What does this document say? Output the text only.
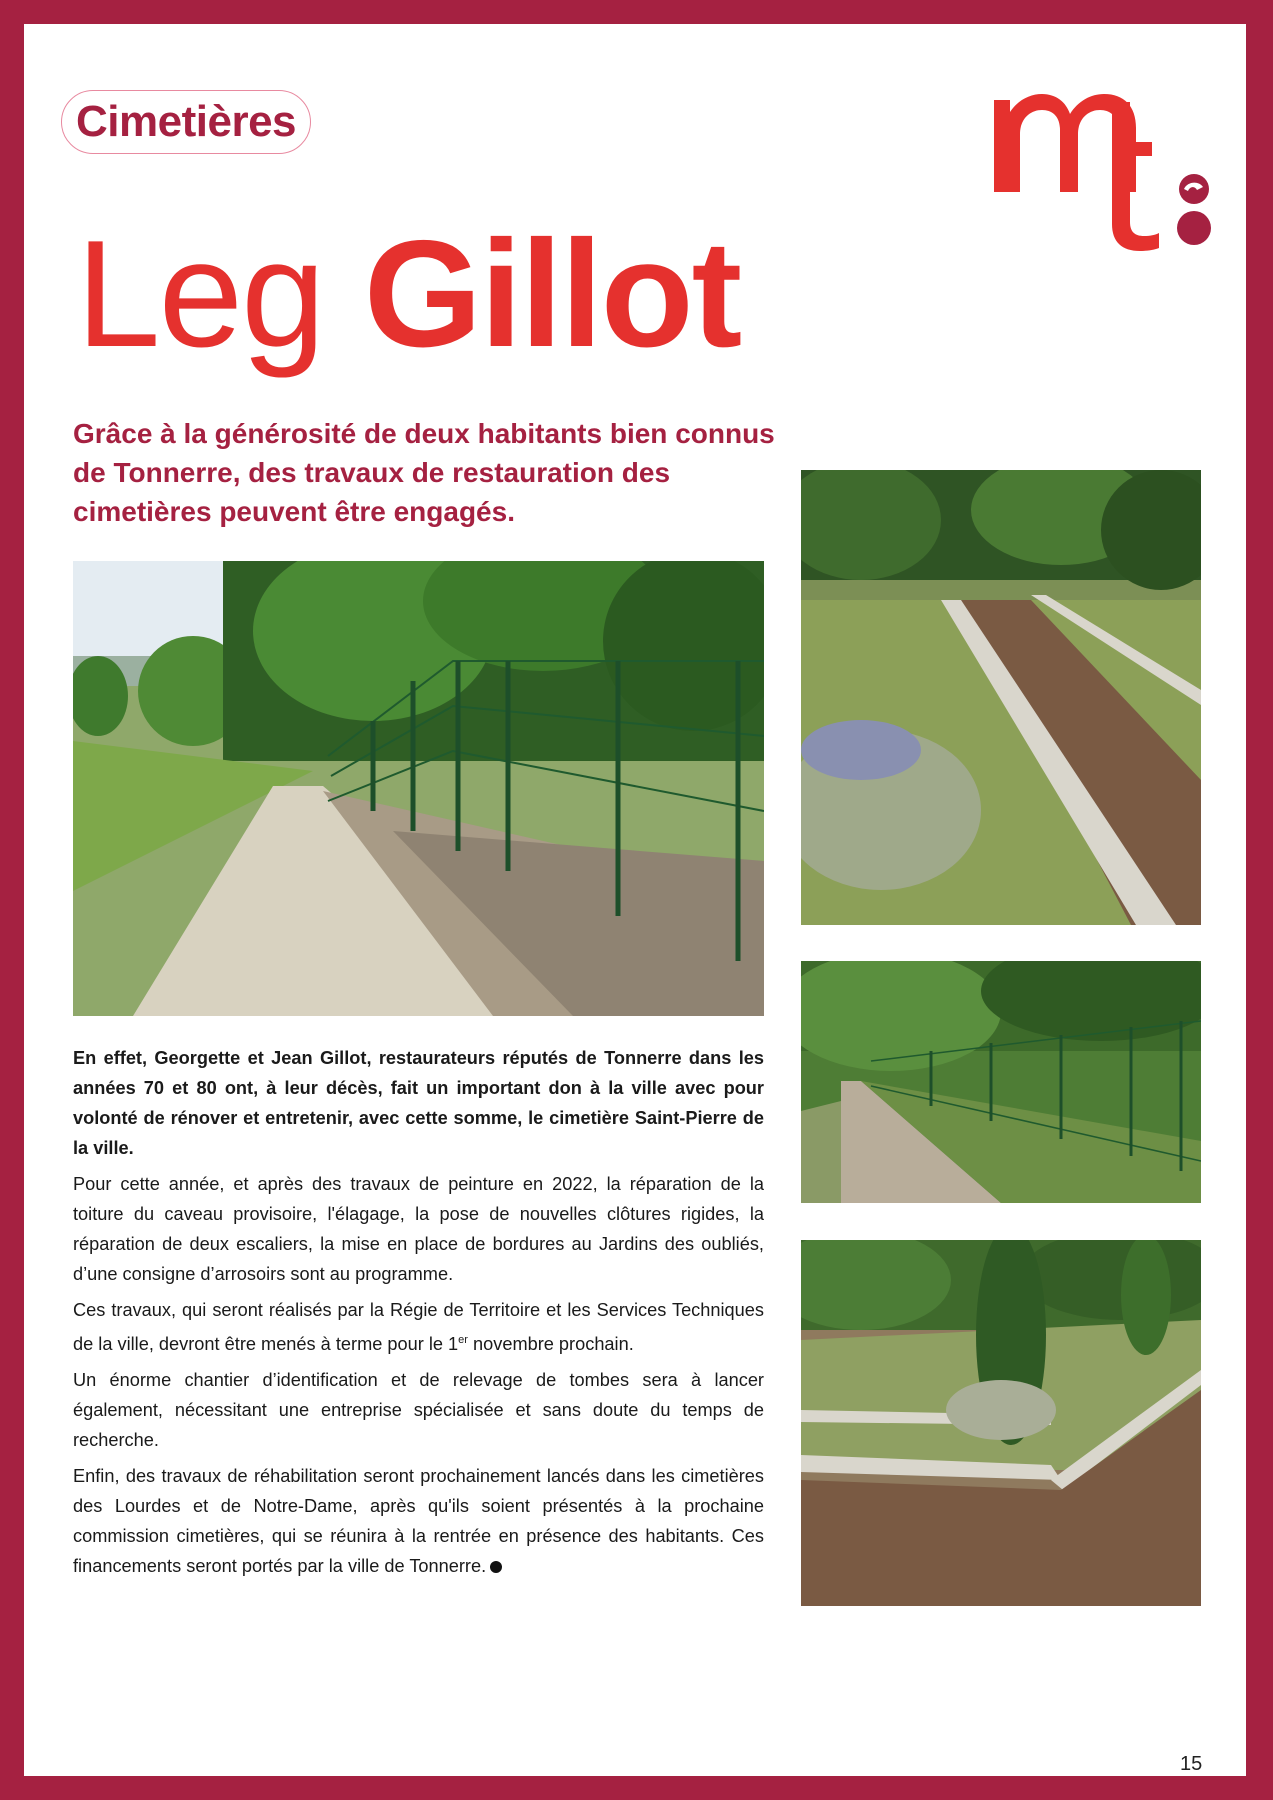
Cimetières
Leg Gillot

Grâce à la générosité de deux habitants bien connus de Tonnerre, des travaux de restauration des cimetières peuvent être engagés.

En effet, Georgette et Jean Gillot, restaurateurs réputés de Tonnerre dans les années 70 et 80 ont, à leur décès, fait un important don à la ville avec pour volonté de rénover et entretenir, avec cette somme, le cimetière Saint-Pierre de la ville.

Pour cette année, et après des travaux de peinture en 2022, la réparation de la toiture du caveau provisoire, l'élagage, la pose de nouvelles clôtures rigides, la réparation de deux escaliers, la mise en place de bordures au Jardins des oubliés, d’une consigne d’arrosoirs sont au programme.

Ces travaux, qui seront réalisés par la Régie de Territoire et les Services Techniques de la ville, devront être menés à terme pour le 1er novembre prochain.

Un énorme chantier d’identification et de relevage de tombes sera à lancer également, nécessitant une entreprise spécialisée et sans doute du temps de recherche.

Enfin, des travaux de réhabilitation seront prochainement lancés dans les cimetières des Lourdes et de Notre-Dame, après qu'ils soient présentés à la prochaine commission cimetières, qui se réunira à la rentrée en présence des habitants. Ces financements seront portés par la ville de Tonnerre.

15
